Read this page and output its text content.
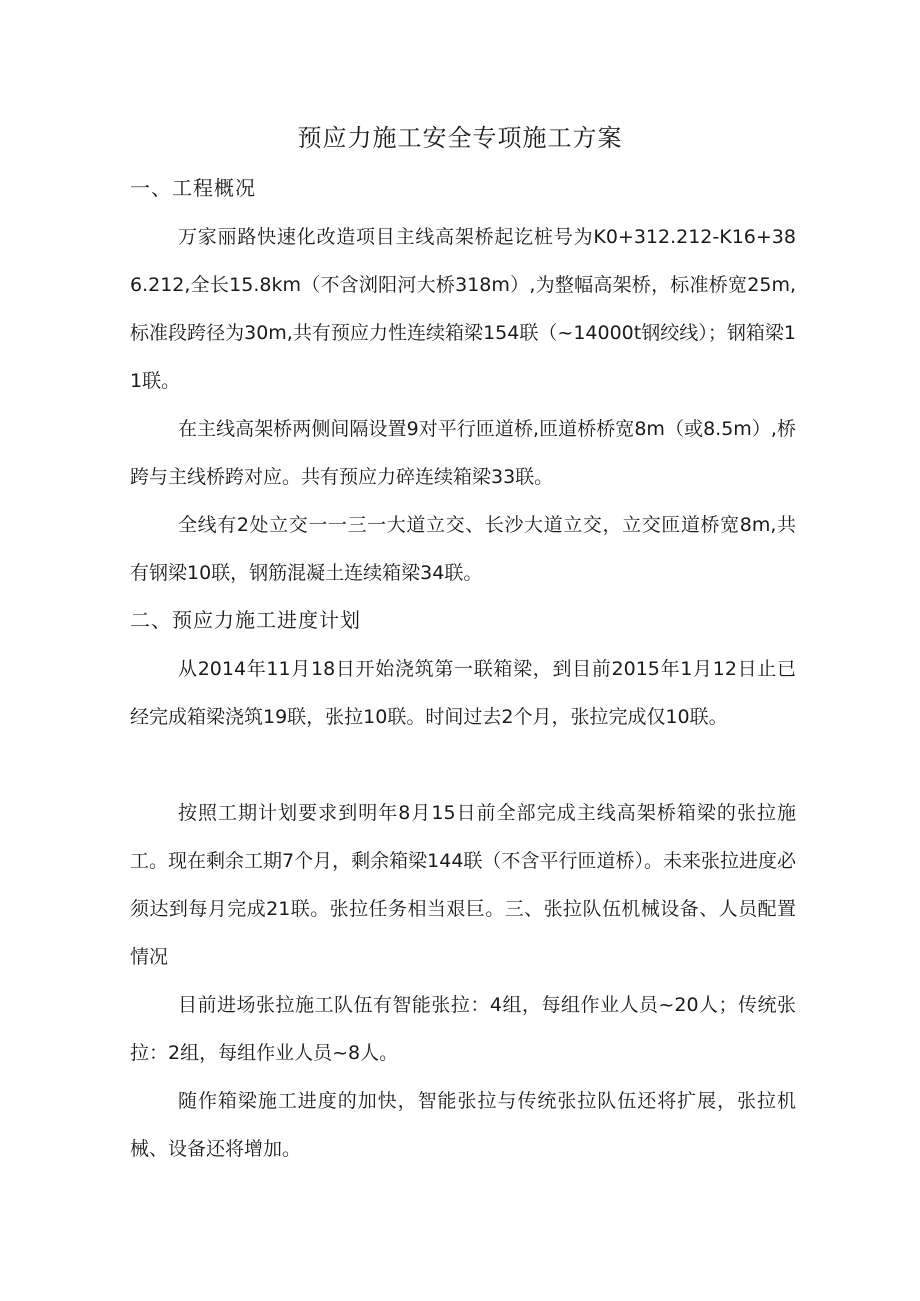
预应力施工安全专项施工方案
一、工程概况

万家丽路快速化改造项目主线高架桥起讫桩号为K0+312.212-K16+386.212,全长15.8km（不含浏阳河大桥318m）,为整幅高架桥，标准桥宽25m,标准段跨径为30m,共有预应力性连续箱梁154联（~14000t钢绞线）；钢箱梁11联。

在主线高架桥两侧间隔设置9对平行匝道桥,匝道桥桥宽8m（或8.5m）,桥跨与主线桥跨对应。共有预应力碎连续箱梁33联。

全线有2处立交一一三一大道立交、长沙大道立交，立交匝道桥宽8m,共有钢梁10联，钢筋混凝土连续箱梁34联。

二、预应力施工进度计划

从2014年11月18日开始浇筑第一联箱梁，到目前2015年1月12日止已经完成箱梁浇筑19联，张拉10联。时间过去2个月，张拉完成仅10联。

按照工期计划要求到明年8月15日前全部完成主线高架桥箱梁的张拉施工。现在剩余工期7个月，剩余箱梁144联（不含平行匝道桥）。未来张拉进度必须达到每月完成21联。张拉任务相当艰巨。三、张拉队伍机械设备、人员配置情况

目前进场张拉施工队伍有智能张拉：4组，每组作业人员~20人；传统张拉：2组，每组作业人员~8人。

随作箱梁施工进度的加快，智能张拉与传统张拉队伍还将扩展，张拉机械、设备还将增加。
